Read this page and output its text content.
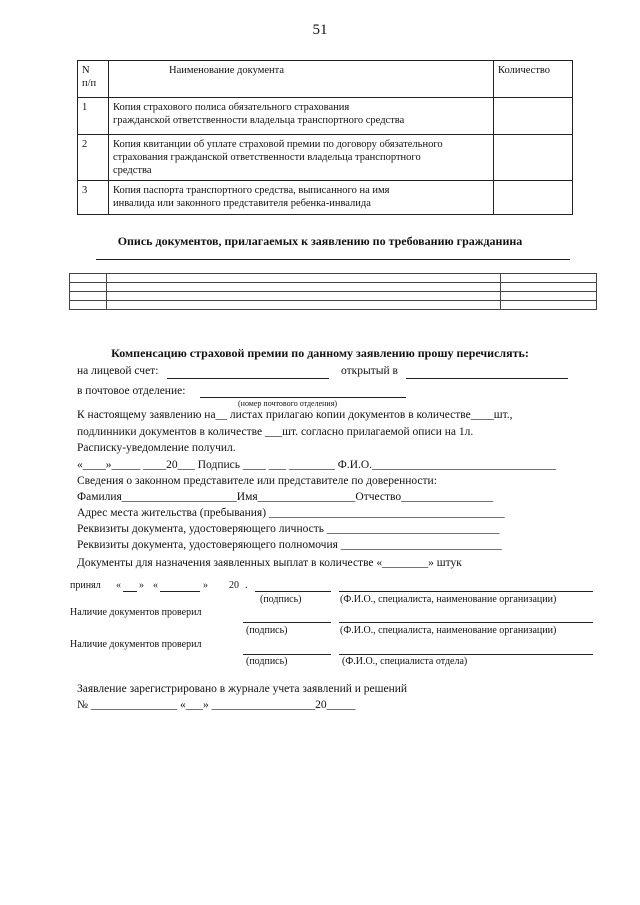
51
N
п/п	Наименование документа	Количество
1	Копия страхового полиса обязательного страхования
гражданской ответственности владельца транспортного средства	

2	Копия квитанции об уплате страховой премии по договору обязательного
страхования гражданской ответственности владельца транспортного
средства	

3	Копия паспорта транспортного средства, выписанного на имя
инвалида или законного представителя ребенка-инвалида	

Опись документов, прилагаемых к заявлению по требованию гражданина

Компенсацию страховой премии по данному заявлению прошу перечислять:
на лицевой счет:	открытый в
в почтовое отделение:
(номер почтового отделения)
К настоящему заявлению на__ листах прилагаю копии документов в количестве____шт.,
подлинники документов в количестве ___шт. согласно прилагаемой описи на 1л.
Расписку-уведомление получил.
«____»_____ ____20___ Подпись ____ ___ ________ Ф.И.О.________________________________
Сведения о законном представителе или представителе по доверенности:
Фамилия____________________Имя_________________Отчество________________
Адрес места жительства (пребывания) _________________________________________
Реквизиты документа, удостоверяющего личность ______________________________
Реквизиты документа, удостоверяющего полномочия ____________________________
Документы для назначения заявленных выплат в количестве «________» штук
принял « » «	» 20 .
(подпись)	(Ф.И.О., специалиста, наименование организации)
Наличие документов проверил
(подпись)	(Ф.И.О., специалиста, наименование организации)
Наличие документов проверил
(подпись)	(Ф.И.О., специалиста отдела)
Заявление зарегистрировано в журнале учета заявлений и решений
№ _______________ «___» __________________20_____
